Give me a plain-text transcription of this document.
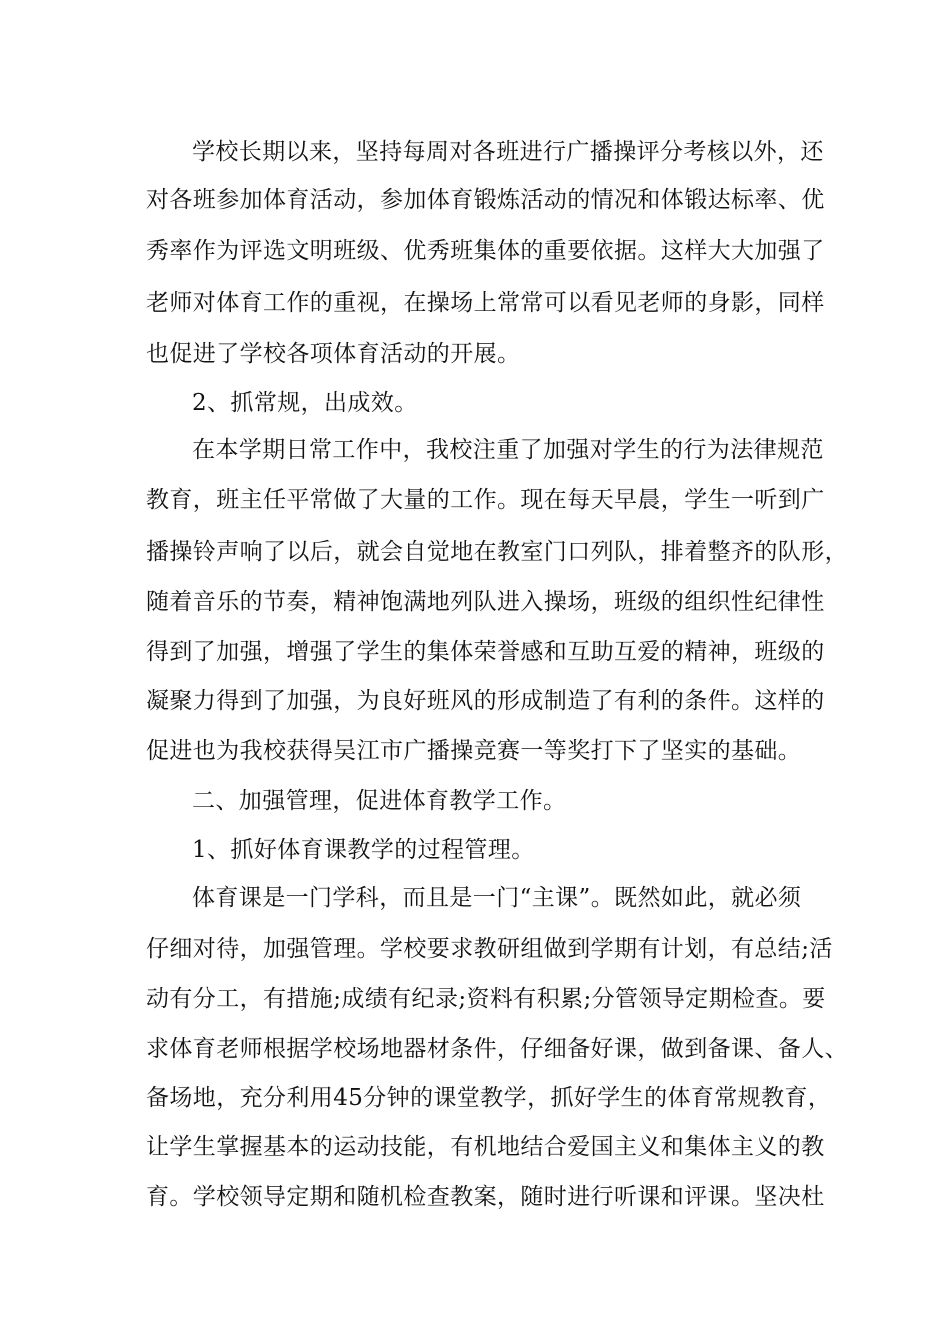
学校长期以来，坚持每周对各班进行广播操评分考核以外，还
对各班参加体育活动，参加体育锻炼活动的情况和体锻达标率、优
秀率作为评选文明班级、优秀班集体的重要依据。这样大大加强了
老师对体育工作的重视，在操场上常常可以看见老师的身影，同样
也促进了学校各项体育活动的开展。
2、抓常规，出成效。
在本学期日常工作中，我校注重了加强对学生的行为法律规范
教育，班主任平常做了大量的工作。现在每天早晨，学生一听到广
播操铃声响了以后，就会自觉地在教室门口列队，排着整齐的队形，
随着音乐的节奏，精神饱满地列队进入操场，班级的组织性纪律性
得到了加强，增强了学生的集体荣誉感和互助互爱的精神，班级的
凝聚力得到了加强，为良好班风的形成制造了有利的条件。这样的
促进也为我校获得吴江市广播操竞赛一等奖打下了坚实的基础。
二、加强管理，促进体育教学工作。
1、抓好体育课教学的过程管理。
体育课是一门学科，而且是一门“主课”。既然如此，就必须
仔细对待，加强管理。学校要求教研组做到学期有计划，有总结;活
动有分工，有措施;成绩有纪录;资料有积累;分管领导定期检查。要
求体育老师根据学校场地器材条件，仔细备好课，做到备课、备人、
备场地，充分利用45分钟的课堂教学，抓好学生的体育常规教育，
让学生掌握基本的运动技能，有机地结合爱国主义和集体主义的教
育。学校领导定期和随机检查教案，随时进行听课和评课。坚决杜
